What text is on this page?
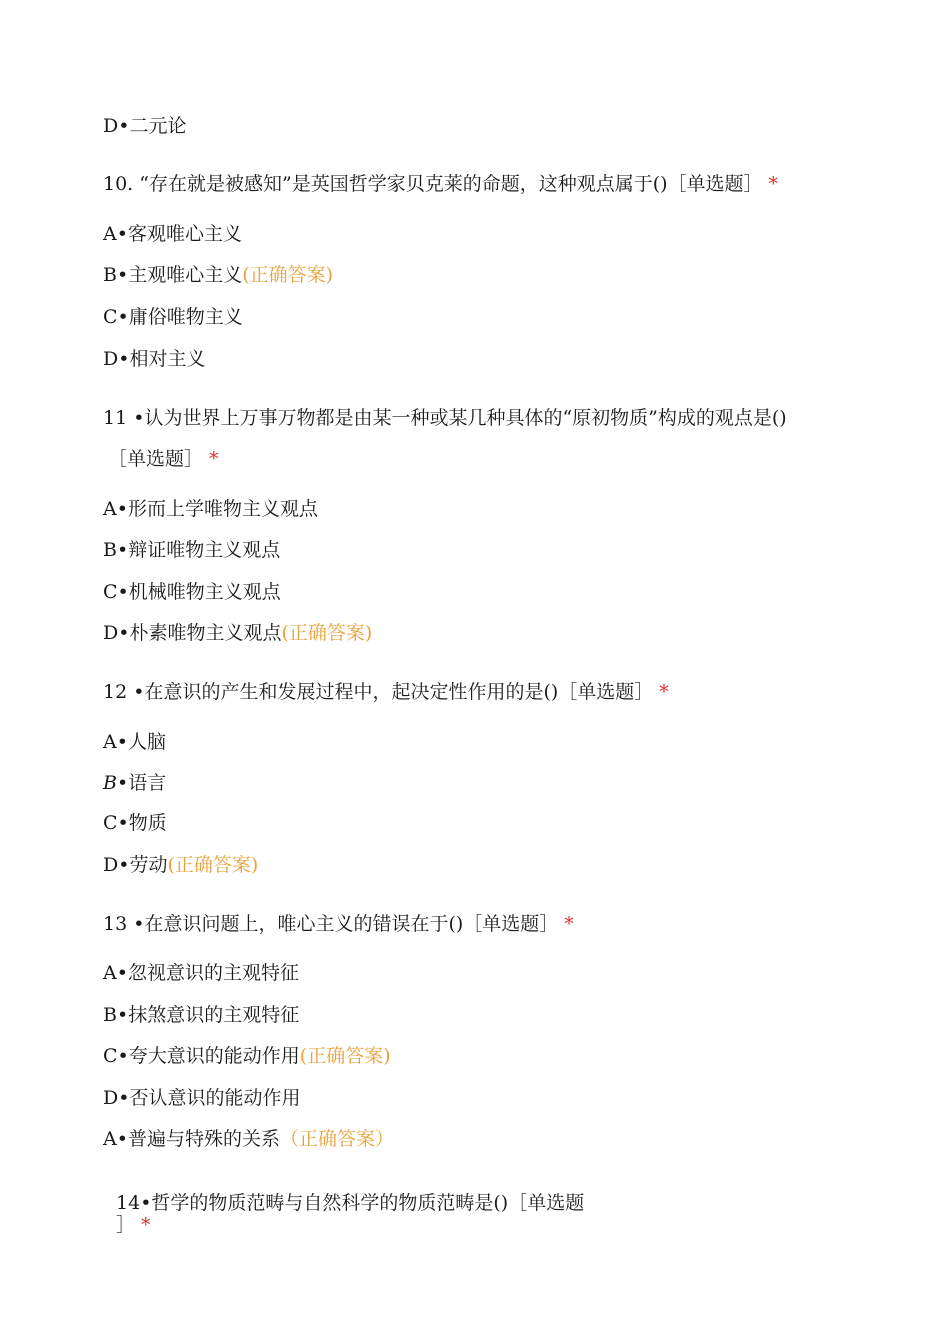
D•二元论
10. “存在就是被感知”是英国哲学家贝克莱的命题，这种观点属于()［单选题］ *
A•客观唯心主义
B•主观唯心主义(正确答案)
C•庸俗唯物主义
D•相对主义
11 •认为世界上万事万物都是由某一种或某几种具体的“原初物质”构成的观点是()
［单选题］ *
A•形而上学唯物主义观点
B•辩证唯物主义观点
C•机械唯物主义观点
D•朴素唯物主义观点(正确答案)
12 •在意识的产生和发展过程中，起决定性作用的是()［单选题］ *
A•人脑
B•语言
C•物质
D•劳动(正确答案)
13 •在意识问题上，唯心主义的错误在于()［单选题］ *
A•忽视意识的主观特征
B•抹煞意识的主观特征
C•夸大意识的能动作用(正确答案)
D•否认意识的能动作用
A•普遍与特殊的关系（正确答案）
14•哲学的物质范畴与自然科学的物质范畴是()［单选题
］ *
